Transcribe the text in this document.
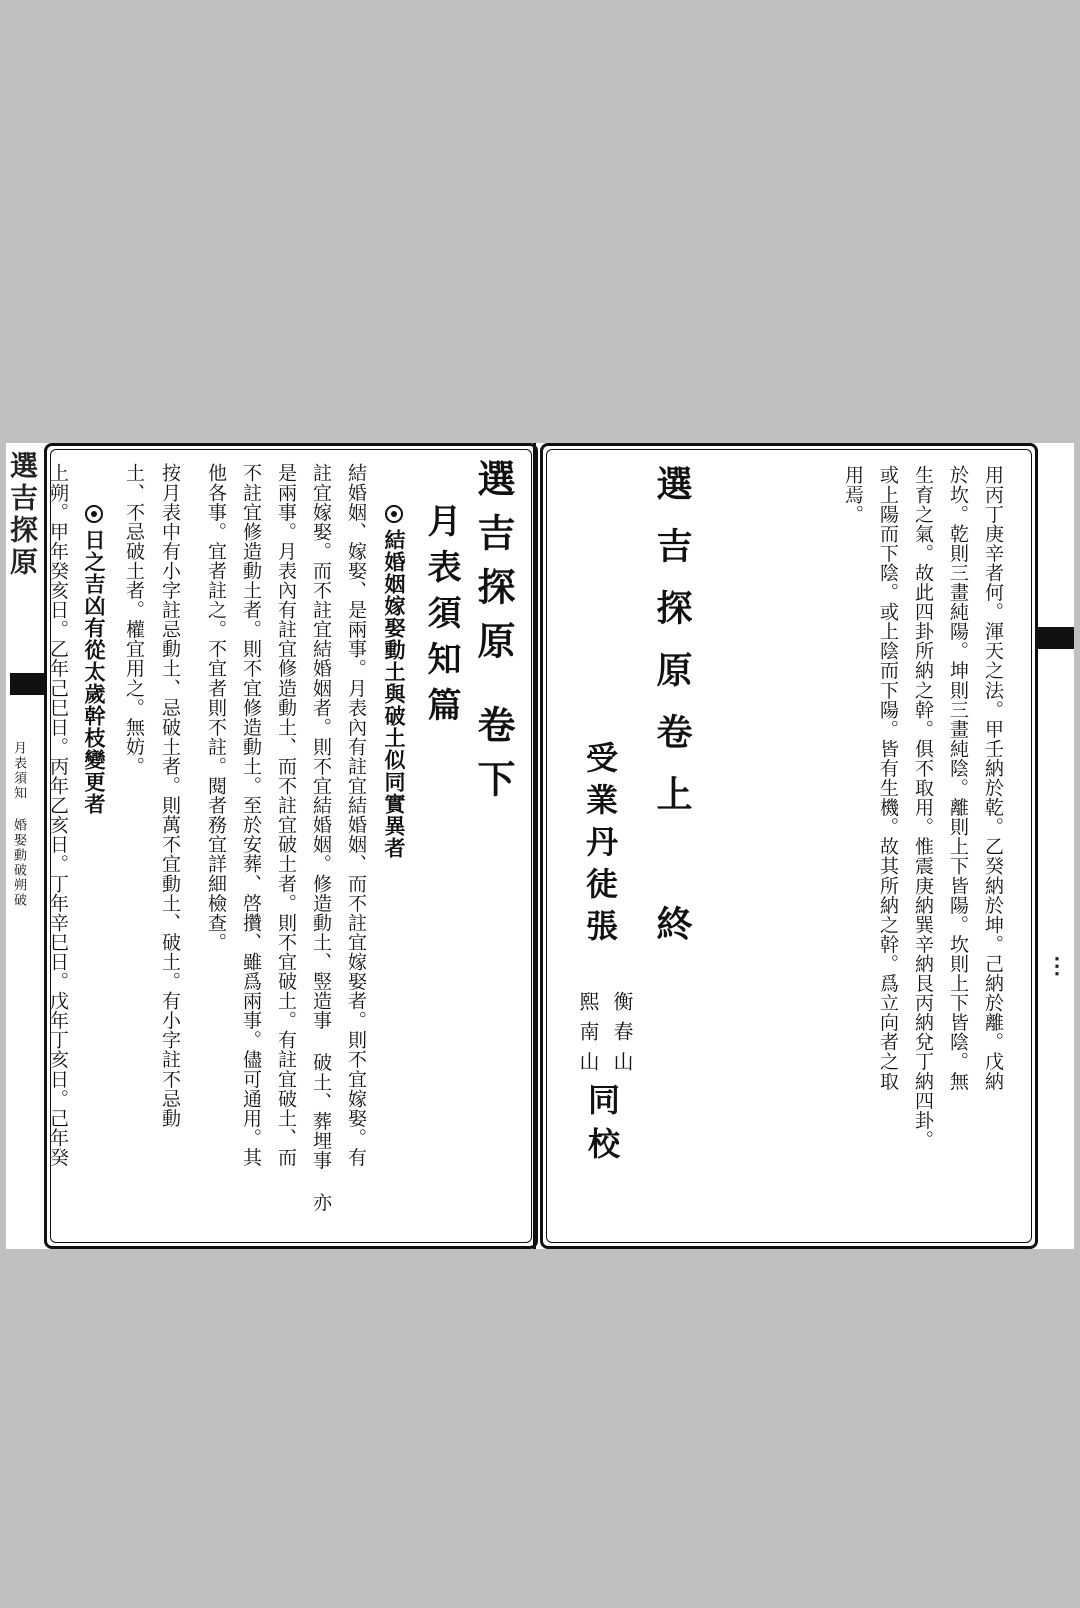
選吉探原
月表須知
婚娶動破朔破
選吉探原卷下
月表須知篇
結婚姻嫁娶動土與破土似同實異者
結婚姻、嫁娶、是兩事。月表內有註宜結婚姻、而不註宜嫁娶者。則不宜嫁娶。有
註宜嫁娶。而不註宜結婚姻者。則不宜結婚姻。修造動土、竪造事 破土、葬埋事 亦
是兩事。月表內有註宜修造動土、而不註宜破土者。則不宜破土。有註宜破土、而
不註宜修造動土者。則不宜修造動土。至於安葬、啓攢、雖爲兩事。儘可通用。其
他各事。宜者註之。不宜者則不註。閱者務宜詳細檢查。
按月表中有小字註忌動土、忌破土者。則萬不宜動土、破土。有小字註不忌動
土、不忌破土者。權宜用之。無妨。
日之吉凶有從太歲幹枝變更者
上朔。甲年癸亥日。乙年己巳日。丙年乙亥日。丁年辛巳日。戊年丁亥日。己年癸	用丙丁庚辛者何。渾天之法。甲壬納於乾。乙癸納於坤。己納於離。戊納
於坎。乾則三畫純陽。坤則三畫純陰。離則上下皆陽。坎則上下皆陰。無
生育之氣。故此四卦所納之幹。俱不取用。惟震庚納巽辛納艮丙納兌丁納四卦。
或上陽而下陰。或上陰而下陽。皆有生機。故其所納之幹。爲立向者之取
用焉。
選吉探原卷上 終
受業丹徒張
衡春山
熙南山
同校
⋮
